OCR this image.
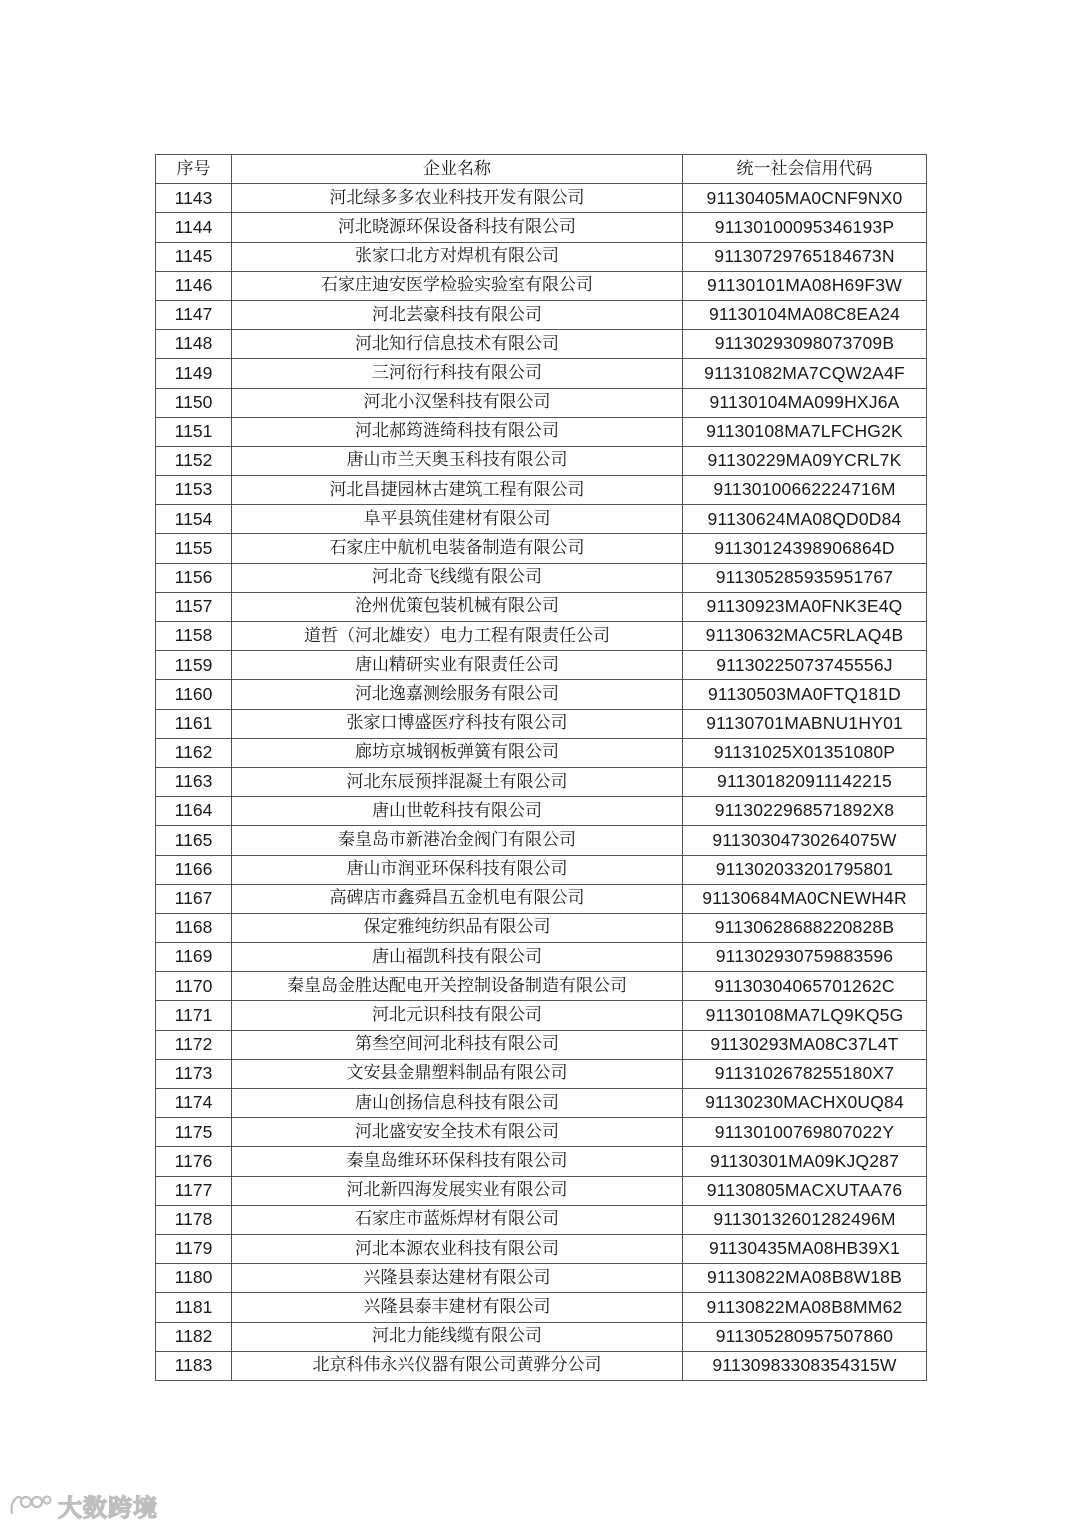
序号	企业名称	统一社会信用代码
1143	河北绿多多农业科技开发有限公司	91130405MA0CNF9NX0
1144	河北晓源环保设备科技有限公司	91130100095346193P
1145	张家口北方对焊机有限公司	91130729765184673N
1146	石家庄迪安医学检验实验室有限公司	91130101MA08H69F3W
1147	河北芸豪科技有限公司	91130104MA08C8EA24
1148	河北知行信息技术有限公司	91130293098073709B
1149	三河衍行科技有限公司	91131082MA7CQW2A4F
1150	河北小汉堡科技有限公司	91130104MA099HXJ6A
1151	河北郝筠涟绮科技有限公司	91130108MA7LFCHG2K
1152	唐山市兰天奥玉科技有限公司	91130229MA09YCRL7K
1153	河北昌捷园林古建筑工程有限公司	91130100662224716M
1154	阜平县筑佳建材有限公司	91130624MA08QD0D84
1155	石家庄中航机电装备制造有限公司	91130124398906864D
1156	河北奇飞线缆有限公司	911305285935951767
1157	沧州优策包装机械有限公司	91130923MA0FNK3E4Q
1158	道哲（河北雄安）电力工程有限责任公司	91130632MAC5RLAQ4B
1159	唐山精研实业有限责任公司	91130225073745556J
1160	河北逸嘉测绘服务有限公司	91130503MA0FTQ181D
1161	张家口博盛医疗科技有限公司	91130701MABNU1HY01
1162	廊坊京城钢板弹簧有限公司	91131025X01351080P
1163	河北东辰预拌混凝土有限公司	911301820911142215
1164	唐山世乾科技有限公司	9113022968571892X8
1165	秦皇岛市新港冶金阀门有限公司	91130304730264075W
1166	唐山市润亚环保科技有限公司	911302033201795801
1167	高碑店市鑫舜昌五金机电有限公司	91130684MA0CNEWH4R
1168	保定雅纯纺织品有限公司	91130628688220828B
1169	唐山福凯科技有限公司	911302930759883596
1170	秦皇岛金胜达配电开关控制设备制造有限公司	91130304065701262C
1171	河北元识科技有限公司	91130108MA7LQ9KQ5G
1172	第叁空间河北科技有限公司	91130293MA08C37L4T
1173	文安县金鼎塑料制品有限公司	9113102678255180X7
1174	唐山创扬信息科技有限公司	91130230MACHX0UQ84
1175	河北盛安安全技术有限公司	91130100769807022Y
1176	秦皇岛维环环保科技有限公司	91130301MA09KJQ287
1177	河北新四海发展实业有限公司	91130805MACXUTAA76
1178	石家庄市蓝烁焊材有限公司	91130132601282496M
1179	河北本源农业科技有限公司	91130435MA08HB39X1
1180	兴隆县泰达建材有限公司	91130822MA08B8W18B
1181	兴隆县泰丰建材有限公司	91130822MA08B8MM62
1182	河北力能线缆有限公司	911305280957507860
1183	北京科伟永兴仪器有限公司黄骅分公司	91130983308354315W
大数跨境
